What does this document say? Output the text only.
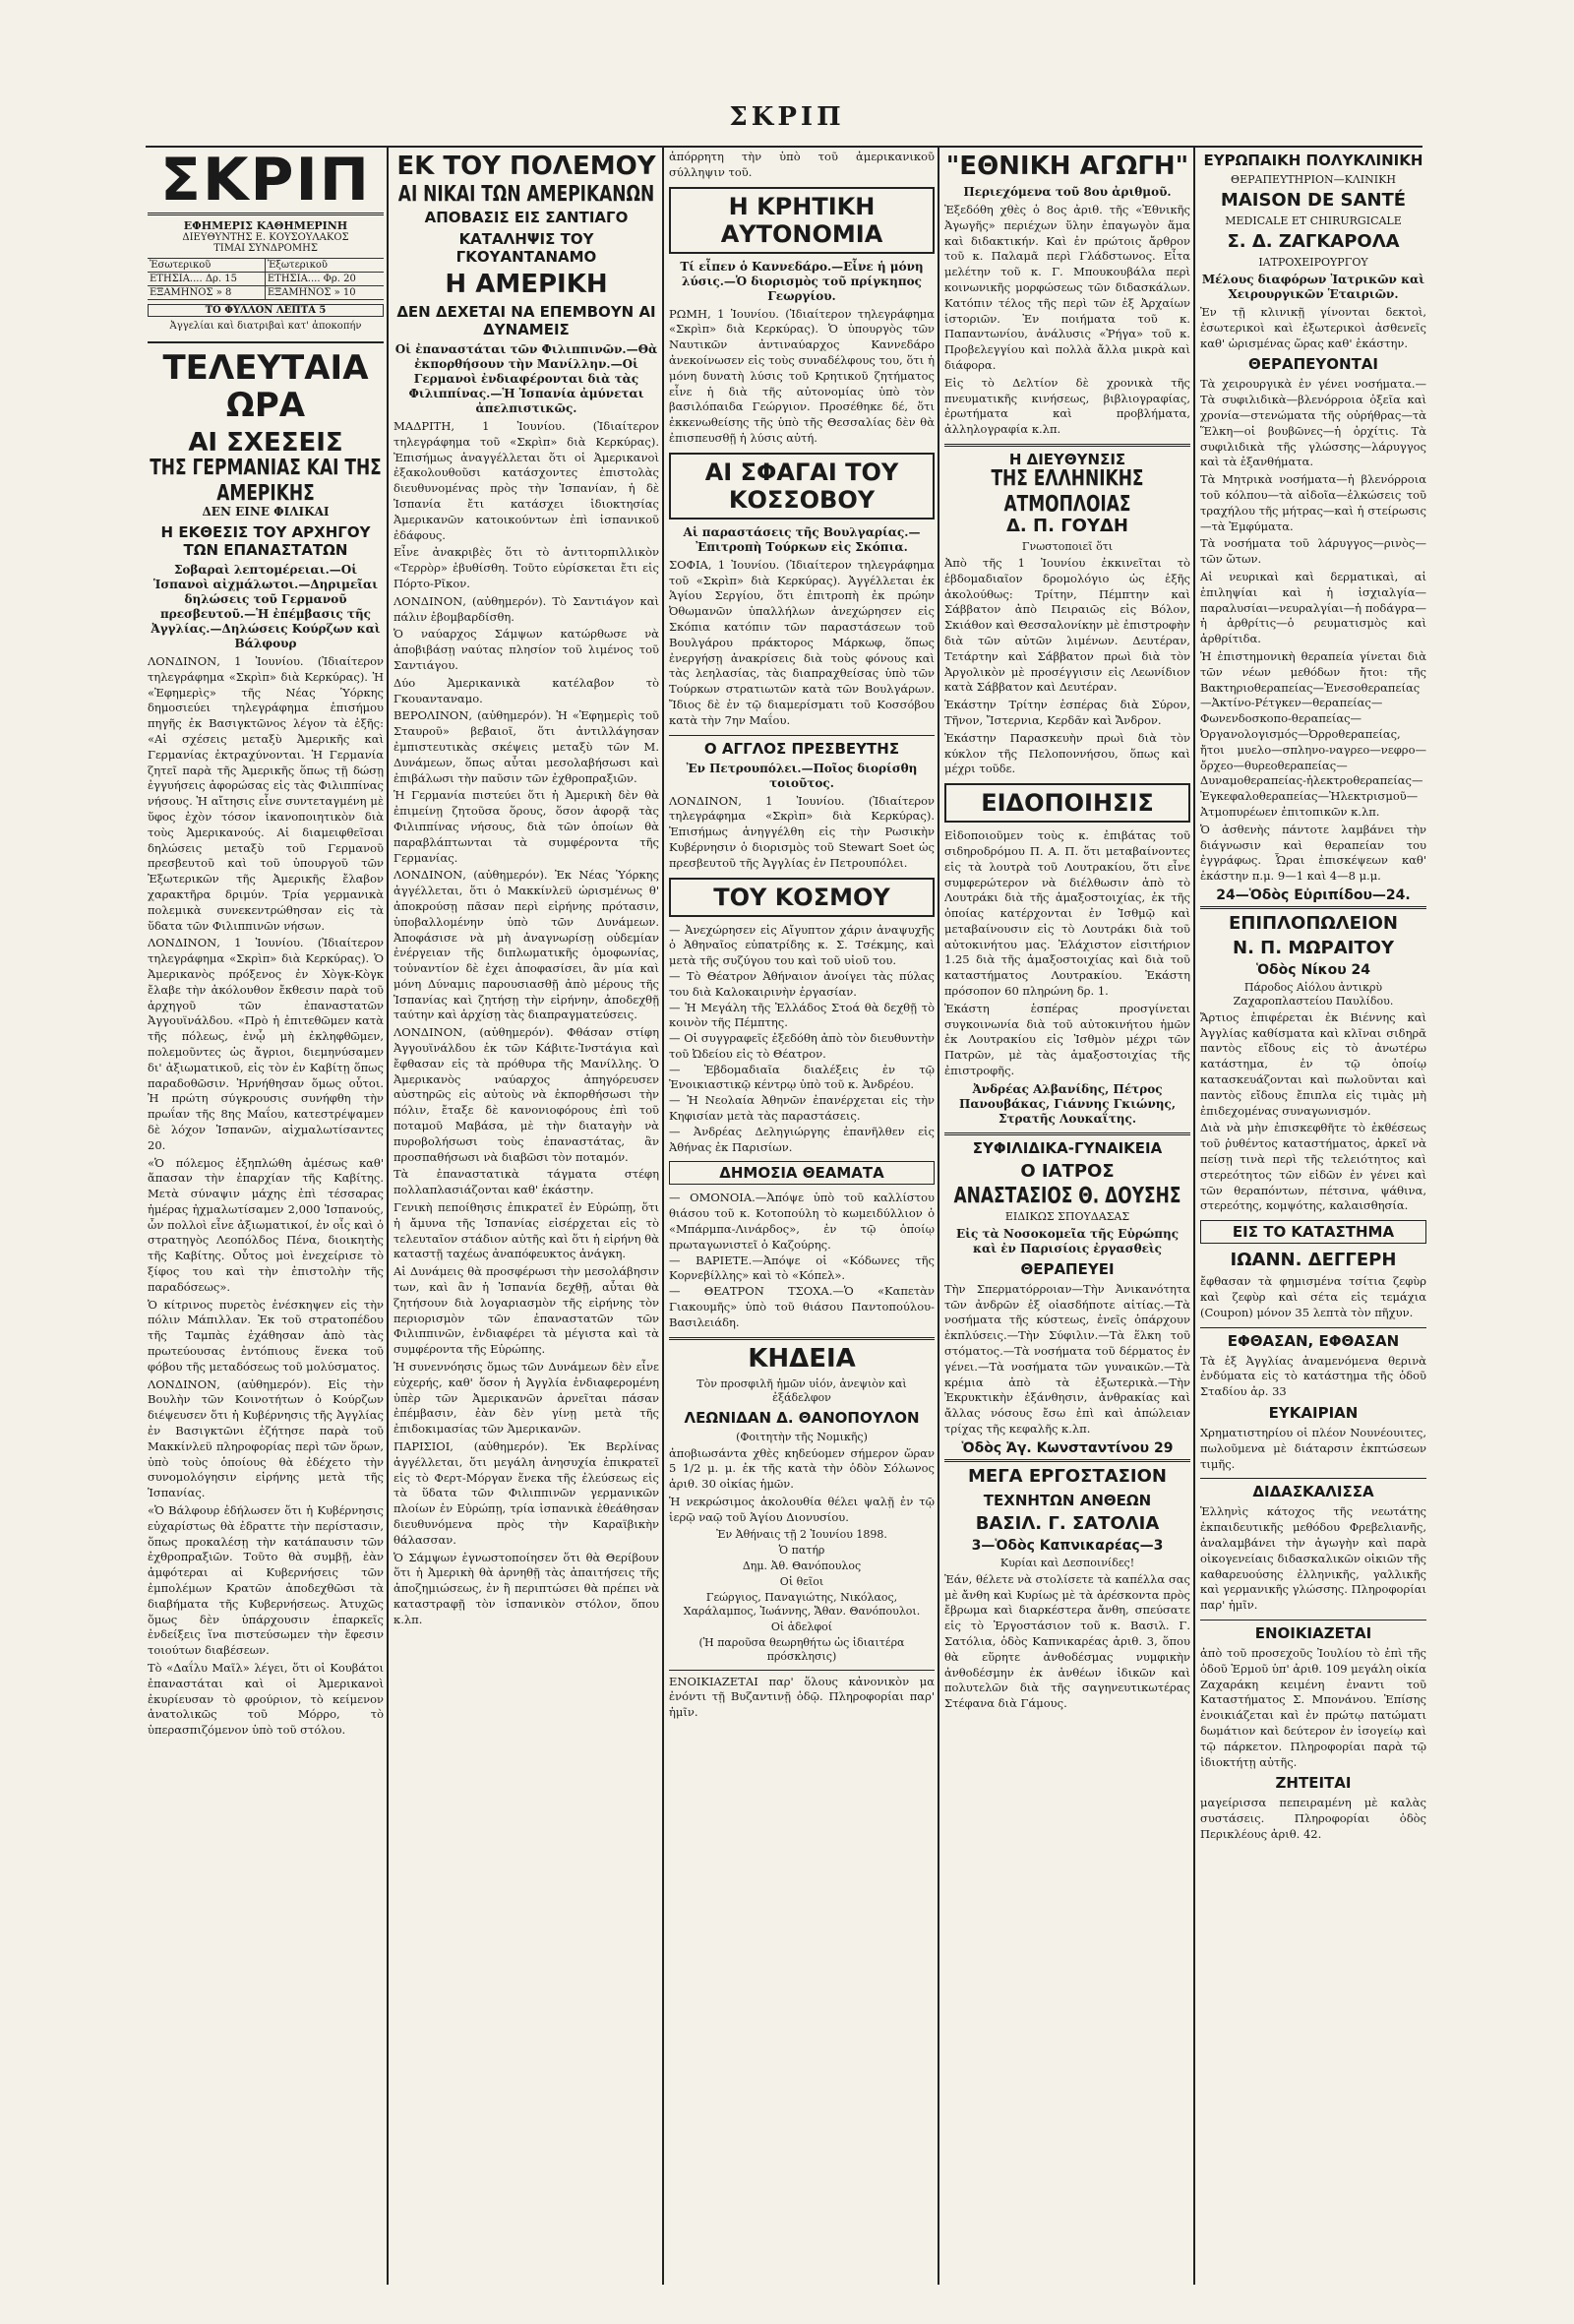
ΣΚΡΙΠ
ΣΚΡΙΠ
ΕΦΗΜΕΡΙΣ ΚΑΘΗΜΕΡΙΝΗ
ΔΙΕΥΘΥΝΤΗΣ Ε. ΚΟΥΣΟΥΛΑΚΟΣ
ΤΙΜΑΙ ΣΥΝΔΡΟΜΗΣ
Ἐσωτερικοῦ	Ἐξωτερικοῦ
ΕΤΗΣΙΑ.... Δρ. 15	ΕΤΗΣΙΑ.... Φρ. 20
ΕΞΑΜΗΝΟΣ » 8	ΕΞΑΜΗΝΟΣ » 10
ΤΟ ΦΥΛΛΟΝ ΛΕΠΤΑ 5
Ἀγγελίαι καὶ διατριβαὶ κατ' ἀποκοπήν
ΤΕΛΕΥΤΑΙΑ ΩΡΑ
ΑΙ ΣΧΕΣΕΙΣ
ΤΗΣ ΓΕΡΜΑΝΙΑΣ ΚΑΙ ΤΗΣ ΑΜΕΡΙΚΗΣ
ΔΕΝ ΕΙΝΕ ΦΙΛΙΚΑΙ
Η ΕΚΘΕΣΙΣ ΤΟΥ ΑΡΧΗΓΟΥ ΤΩΝ ΕΠΑΝΑΣΤΑΤΩΝ
Σοβαραὶ λεπτομέρειαι.—Οἱ Ἱσπανοὶ αἰχμάλωτοι.—Δηριμεῖαι δηλώσεις τοῦ Γερμανοῦ πρεσβευτοῦ.—Ἡ ἐπέμβασις τῆς Ἀγγλίας.—Δηλώσεις Κούρζων καὶ Βάλφουρ

ΛΟΝΔΙΝΟΝ, 1 Ἰουνίου. (Ἰδιαίτερον τηλεγράφημα «Σκρὶπ» διὰ Κερκύρας). Ἡ «Ἐφημερὶς» τῆς Νέας Ὑόρκης δημοσιεύει τηλεγράφημα ἐπισήμου πηγῆς ἐκ Βασιγκτῶνος λέγον τὰ ἑξῆς: «Αἱ σχέσεις μεταξὺ Ἀμερικῆς καὶ Γερμανίας ἐκτραχύνονται. Ἡ Γερμανία ζητεῖ παρὰ τῆς Ἀμερικῆς ὅπως τῇ δώσῃ ἐγγυήσεις ἀφορώσας εἰς τὰς Φιλιππίνας νήσους. Ἡ αἴτησις εἶνε συντεταγμένη μὲ ὕφος ἐχὸν τόσον ἱκανοποιητικὸν διὰ τοὺς Ἀμερικανούς. Αἱ διαμειφθεῖσαι δηλώσεις μεταξὺ τοῦ Γερμανοῦ πρεσβευτοῦ καὶ τοῦ ὑπουργοῦ τῶν Ἐξωτερικῶν τῆς Ἀμερικῆς ἔλαβον χαρακτῆρα δριμύν. Τρία γερμανικὰ πολεμικὰ συνεκεντρώθησαν εἰς τὰ ὕδατα τῶν Φιλιππινῶν νήσων.

ΛΟΝΔΙΝΟΝ, 1 Ἰουνίου. (Ἰδιαίτερον τηλεγράφημα «Σκρὶπ» διὰ Κερκύρας). Ὁ Ἀμερικανὸς πρόξενος ἐν Χὸγκ-Κὸγκ ἔλαβε τὴν ἀκόλουθον ἔκθεσιν παρὰ τοῦ ἀρχηγοῦ τῶν ἐπαναστατῶν Ἀγγουϊνάλδου. «Πρὸ ἡ ἐπιτεθῶμεν κατὰ τῆς πόλεως, ἐνᾧ μὴ ἐκληφθῶμεν, πολεμοῦντες ὡς ἄγριοι, διεμηνύσαμεν δι' ἀξιωματικοῦ, εἰς τὸν ἐν Καβίτῃ ὅπως παραδοθῶσιν. Ἠρνήθησαν ὅμως οὗτοι. Ἡ πρώτη σύγκρουσις συνήφθη τὴν πρωΐαν τῆς 8ης Μαΐου, κατεστρέψαμεν δὲ λόχον Ἱσπανῶν, αἰχμαλωτίσαντες 20.

«Ὁ πόλεμος ἐξηπλώθη ἀμέσως καθ' ἅπασαν τὴν ἐπαρχίαν τῆς Καβίτης. Μετὰ σύναψιν μάχης ἐπὶ τέσσαρας ἡμέρας ἠχμαλωτίσαμεν 2,000 Ἱσπανούς, ὧν πολλοὶ εἶνε ἀξιωματικοί, ἐν οἷς καὶ ὁ στρατηγὸς Λεοπόλδος Πένα, διοικητὴς τῆς Καβίτης. Οὗτος μοὶ ἐνεχείρισε τὸ ξίφος του καὶ τὴν ἐπιστολὴν τῆς παραδόσεως».

Ὁ κίτρινος πυρετὸς ἐνέσκηψεν εἰς τὴν πόλιν Μάπιλλαν. Ἐκ τοῦ στρατοπέδου τῆς Ταμπὰς ἐχάθησαν ἀπὸ τὰς πρωτεύουσας ἐντόπιους ἕνεκα τοῦ φόβου τῆς μεταδόσεως τοῦ μολύσματος.

ΛΟΝΔΙΝΟΝ, (αὐθημερόν). Εἰς τὴν Βουλὴν τῶν Κοινοτήτων ὁ Κούρζων διέψευσεν ὅτι ἡ Κυβέρνησις τῆς Ἀγγλίας ἐν Βασιγκτῶνι ἐζήτησε παρὰ τοῦ Μακκίνλεϋ πληροφορίας περὶ τῶν ὅρων, ὑπὸ τοὺς ὁποίους θὰ ἐδέχετο τὴν συνομολόγησιν εἰρήνης μετὰ τῆς Ἱσπανίας.

«Ὁ Βάλφουρ ἐδήλωσεν ὅτι ἡ Κυβέρνησις εὐχαρίστως θὰ ἐδραττε τὴν περίστασιν, ὅπως προκαλέσῃ τὴν κατάπαυσιν τῶν ἐχθροπραξιῶν. Τοῦτο θὰ συμβῇ, ἐὰν ἀμφότεραι αἱ Κυβερνήσεις τῶν ἐμπολέμων Κρατῶν ἀποδεχθῶσι τὰ διαβήματα τῆς Κυβερνήσεως. Ἀτυχῶς ὅμως δὲν ὑπάρχουσιν ἐπαρκεῖς ἐνδείξεις ἵνα πιστεύσωμεν τὴν ἔφεσιν τοιούτων διαβέσεων.

Τὸ «Δαΐλυ Μαῖλ» λέγει, ὅτι οἱ Κουβάτοι ἐπαναστάται καὶ οἱ Ἀμερικανοὶ ἐκυρίευσαν τὸ φρούριον, τὸ κείμενον ἀνατολικῶς τοῦ Μόρρο, τὸ ὑπερασπιζόμενον ὑπὸ τοῦ στόλου.

ΕΚ ΤΟΥ ΠΟΛΕΜΟΥ
ΑΙ ΝΙΚΑΙ ΤΩΝ ΑΜΕΡΙΚΑΝΩΝ
ΑΠΟΒΑΣΙΣ ΕΙΣ ΣΑΝΤΙΑΓΟ
ΚΑΤΑΛΗΨΙΣ ΤΟΥ ΓΚΟΥΑΝΤΑΝΑΜΟ
Η ΑΜΕΡΙΚΗ
ΔΕΝ ΔΕΧΕΤΑΙ ΝΑ ΕΠΕΜΒΟΥΝ ΑΙ ΔΥΝΑΜΕΙΣ
Οἱ ἐπαναστάται τῶν Φιλιππινῶν.—Θὰ ἐκπορθήσουν τὴν Μανίλλην.—Οἱ Γερμανοὶ ἐνδιαφέρονται διὰ τὰς Φιλιππίνας.—Ἡ Ἱσπανία ἀμύνεται ἀπελπιστικῶς.

ΜΑΔΡΙΤΗ, 1 Ἰουνίου. (Ἰδιαίτερον τηλεγράφημα τοῦ «Σκρὶπ» διὰ Κερκύρας). Ἐπισήμως ἀναγγέλλεται ὅτι οἱ Ἀμερικανοὶ ἐξακολουθοῦσι κατάσχοντες ἐπιστολὰς διευθυνομένας πρὸς τὴν Ἱσπανίαν, ἡ δὲ Ἱσπανία ἔτι κατάσχει ἰδιοκτησίας Ἀμερικανῶν κατοικούντων ἐπὶ ἱσπανικοῦ ἐδάφους.

Εἶνε ἀνακριβὲς ὅτι τὸ ἀντιτορπιλλικὸν «Τερρὸρ» ἐβυθίσθη. Τοῦτο εὑρίσκεται ἔτι εἰς Πόρτο-Ρῖκον.

ΛΟΝΔΙΝΟΝ, (αὐθημερόν). Τὸ Σαντιάγον καὶ πάλιν ἐβομβαρδίσθη.

Ὁ ναύαρχος Σάμψων κατώρθωσε νὰ ἀποβιβάσῃ ναύτας πλησίον τοῦ λιμένος τοῦ Σαντιάγου.

Δύο Ἀμερικανικὰ κατέλαβον τὸ Γκουανταναμο.

ΒΕΡΟΛΙΝΟΝ, (αὐθημερόν). Ἡ «Ἐφημερὶς τοῦ Σταυροῦ» βεβαιοῖ, ὅτι ἀντιλλάγησαν ἐμπιστευτικὰς σκέψεις μεταξὺ τῶν Μ. Δυνάμεων, ὅπως αὗται μεσολαβήσωσι καὶ ἐπιβάλωσι τὴν παῦσιν τῶν ἐχθροπραξιῶν.

Ἡ Γερμανία πιστεύει ὅτι ἡ Ἀμερικὴ δὲν θὰ ἐπιμείνῃ ζητοῦσα ὅρους, ὅσον ἀφορᾷ τὰς Φιλιππίνας νήσους, διὰ τῶν ὁποίων θὰ παραβλάπτωνται τὰ συμφέροντα τῆς Γερμανίας.

ΛΟΝΔΙΝΟΝ, (αὐθημερόν). Ἐκ Νέας Ὑόρκης ἀγγέλλεται, ὅτι ὁ Μακκίνλεϋ ὡρισμένως θ' ἀποκρούσῃ πᾶσαν περὶ εἰρήνης πρότασιν, ὑποβαλλομένην ὑπὸ τῶν Δυνάμεων. Ἀποφάσισε νὰ μὴ ἀναγνωρίσῃ οὐδεμίαν ἐνέργειαν τῆς διπλωματικῆς ὁμοφωνίας, τοὐναντίον δὲ ἐχει ἀποφασίσει, ἂν μία καὶ μόνη Δύναμις παρουσιασθῇ ἀπὸ μέρους τῆς Ἱσπανίας καὶ ζητήσῃ τὴν εἰρήνην, ἀποδεχθῇ ταύτην καὶ ἀρχίσῃ τὰς διαπραγματεύσεις.

ΛΟΝΔΙΝΟΝ, (αὐθημερόν). Φθάσαν στίφη Ἀγγουϊνάλδου ἐκ τῶν Κάβιτε-Ἰνστάγια καὶ ἔφθασαν εἰς τὰ πρόθυρα τῆς Μανίλλης. Ὁ Ἀμερικανὸς ναύαρχος ἀπηγόρευσεν αὐστηρῶς εἰς αὐτοὺς νὰ ἐκπορθήσωσι τὴν πόλιν, ἔταξε δὲ κανονιοφόρους ἐπὶ τοῦ ποταμοῦ Μαβάσα, μὲ τὴν διαταγὴν νὰ πυροβολήσωσι τοὺς ἐπαναστάτας, ἂν προσπαθήσωσι νὰ διαβῶσι τὸν ποταμόν.

Τὰ ἐπαναστατικὰ τάγματα στέφη πολλαπλασιάζονται καθ' ἑκάστην.

Γενικὴ πεποίθησις ἐπικρατεῖ ἐν Εὐρώπῃ, ὅτι ἡ ἄμυνα τῆς Ἱσπανίας εἰσέρχεται εἰς τὸ τελευταῖον στάδιον αὐτῆς καὶ ὅτι ἡ εἰρήνη θὰ καταστῇ ταχέως ἀναπόφευκτος ἀνάγκη.

Αἱ Δυνάμεις θὰ προσφέρωσι τὴν μεσολάβησιν των, καὶ ἂν ἡ Ἱσπανία δεχθῇ, αὗται θὰ ζητήσουν διὰ λογαριασμὸν τῆς εἰρήνης τὸν περιορισμὸν τῶν ἐπαναστατῶν τῶν Φιλιππινῶν, ἐνδιαφέρει τὰ μέγιστα καὶ τὰ συμφέροντα τῆς Εὐρώπης.

Ἡ συνεννόησις ὅμως τῶν Δυνάμεων δὲν εἶνε εὐχερής, καθ' ὅσον ἡ Ἀγγλία ἐνδιαφερομένη ὑπὲρ τῶν Ἀμερικανῶν ἀρνεῖται πάσαν ἐπέμβασιν, ἐὰν δὲν γίνῃ μετὰ τῆς ἐπιδοκιμασίας τῶν Ἀμερικανῶν.

ΠΑΡΙΣΙΟΙ, (αὐθημερόν). Ἐκ Βερλίνας ἀγγέλλεται, ὅτι μεγάλη ἀνησυχία ἐπικρατεῖ εἰς τὸ Φερτ-Μόργαν ἕνεκα τῆς ἐλεύσεως εἰς τὰ ὕδατα τῶν Φιλιππινῶν γερμανικῶν πλοίων ἐν Εὐρώπῃ, τρία ἰσπανικὰ ἐθεάθησαν διευθυνόμενα πρὸς τὴν Καραϊβικὴν θάλασσαν.

Ὁ Σάμψων ἐγνωστοποίησεν ὅτι θὰ Θερίβουν ὅτι ἡ Ἀμερικὴ θὰ ἀρνηθῇ τὰς ἀπαιτήσεις τῆς ἀποζημιώσεως, ἐν ἢ περιπτώσει θὰ πρέπει νὰ καταστραφῇ τὸν ἱσπανικὸν στόλον, ὅπου κ.λπ.

ἀπόρρητη τὴν ὑπὸ τοῦ ἀμερικανικοῦ σύλληψιν τοῦ.

Η ΚΡΗΤΙΚΗ ΑΥΤΟΝΟΜΙΑ
Τί εἶπεν ὁ Καννεδάρο.—Εἶνε ἡ μόνη λύσις.—Ὁ διορισμὸς τοῦ πρίγκηπος Γεωργίου.

ΡΩΜΗ, 1 Ἰουνίου. (Ἰδιαίτερον τηλεγράφημα «Σκρὶπ» διὰ Κερκύρας). Ὁ ὑπουργὸς τῶν Ναυτικῶν ἀντιναύαρχος Καννεδάρο ἀνεκοίνωσεν εἰς τοὺς συναδέλφους του, ὅτι ἡ μόνη δυνατὴ λύσις τοῦ Κρητικοῦ ζητήματος εἶνε ἡ διὰ τῆς αὐτονομίας ὑπὸ τὸν βασιλόπαιδα Γεώργιον. Προσέθηκε δέ, ὅτι ἐκκενωθείσης τῆς ὑπὸ τῆς Θεσσαλίας δὲν θὰ ἐπισπευσθῇ ἡ λύσις αὐτή.

ΑΙ ΣΦΑΓΑΙ ΤΟΥ ΚΟΣΣΟΒΟΥ
Αἱ παραστάσεις τῆς Βουλγαρίας.—Ἐπιτροπὴ Τούρκων εἰς Σκόπια.

ΣΟΦΙΑ, 1 Ἰουνίου. (Ἰδιαίτερον τηλεγράφημα τοῦ «Σκρὶπ» διὰ Κερκύρας). Ἀγγέλλεται ἐκ Ἁγίου Σεργίου, ὅτι ἐπιτροπὴ ἐκ πρώην Ὀθωμανῶν ὑπαλλήλων ἀνεχώρησεν εἰς Σκόπια κατόπιν τῶν παραστάσεων τοῦ Βουλγάρου πράκτορος Μάρκωφ, ὅπως ἐνεργήσῃ ἀνακρίσεις διὰ τοὺς φόνους καὶ τὰς λεηλασίας, τὰς διαπραχθείσας ὑπὸ τῶν Τούρκων στρατιωτῶν κατὰ τῶν Βουλγάρων. Ἴδιος δὲ ἐν τῷ διαμερίσματι τοῦ Κοσσόβου κατὰ τὴν 7ην Μαΐου.

Ο ΑΓΓΛΟΣ ΠΡΕΣΒΕΥΤΗΣ
Ἐν Πετρουπόλει.—Ποῖος διορίσθη τοιοῦτος.

ΛΟΝΔΙΝΟΝ, 1 Ἰουνίου. (Ἰδιαίτερον τηλεγράφημα «Σκρὶπ» διὰ Κερκύρας). Ἐπισήμως ἀνηγγέλθη εἰς τὴν Ρωσικὴν Κυβέρνησιν ὁ διορισμὸς τοῦ Stewart Soet ὡς πρεσβευτοῦ τῆς Ἀγγλίας ἐν Πετρουπόλει.

ΤΟΥ ΚΟΣΜΟΥ

— Ἀνεχώρησεν εἰς Αἴγυπτον χάριν ἀναψυχῆς ὁ Ἀθηναῖος εὐπατρίδης κ. Σ. Τσέκμης, καὶ μετὰ τῆς συζύγου του καὶ τοῦ υἱοῦ του.
— Τὸ Θέατρον Ἀθήναιον ἀνοίγει τὰς πύλας του διὰ Καλοκαιρινὴν ἐργασίαν.
— Ἡ Μεγάλη τῆς Ἑλλάδος Στοά θὰ δεχθῇ τὸ κοινὸν τῆς Πέμπτης.
— Οἱ συγγραφεῖς ἐξεδόθη ἀπὸ τὸν διευθυντὴν τοῦ Ὠδείου εἰς τὸ Θέατρον.
— Ἐβδομαδιαῖα διαλέξεις ἐν τῷ Ἐνοικιαστικῷ κέντρῳ ὑπὸ τοῦ κ. Ἀνδρέου.
— Ἡ Νεολαία Ἀθηνῶν ἐπανέρχεται εἰς τὴν Κηφισίαν μετὰ τὰς παραστάσεις.
— Ἀνδρέας Δεληγιώργης ἐπανῆλθεν εἰς Ἀθήνας ἐκ Παρισίων.

ΔΗΜΟΣΙΑ ΘΕΑΜΑΤΑ

— ΟΜΟΝΟΙΑ.—Ἀπόψε ὑπὸ τοῦ καλλίστου θιάσου τοῦ κ. Κοτοπούλη τὸ κωμειδύλλιον ὁ «Μπάρμπα-Λινάρδος», ἐν τῷ ὁποίῳ πρωταγωνιστεῖ ὁ Καζούρης.
— ΒΑΡΙΕΤΕ.—Ἀπόψε οἱ «Κόδωνες τῆς Κορνεβίλλης» καὶ τὸ «Κόπελ».
— ΘΕΑΤΡΟΝ ΤΣΟΧΑ.—Ὁ «Καπετὰν Γιακουμῆς» ὑπὸ τοῦ θιάσου Παντοπούλου-Βασιλειάδη.

ΚΗΔΕΙΑ

Τὸν προσφιλῆ ἡμῶν υἱόν, ἀνεψιὸν καὶ ἐξάδελφον

ΛΕΩΝΙΔΑΝ Δ. ΘΑΝΟΠΟΥΛΟΝ

(Φοιτητὴν τῆς Νομικῆς)

ἀποβιωσάντα χθὲς κηδεύομεν σήμερον ὥραν 5 1/2 μ. μ. ἐκ τῆς κατὰ τὴν ὁδὸν Σόλωνος ἀριθ. 30 οἰκίας ἡμῶν.

Ἡ νεκρώσιμος ἀκολουθία θέλει ψαλῇ ἐν τῷ ἱερῷ ναῷ τοῦ Ἁγίου Διονυσίου.

Ἐν Ἀθήναις τῇ 2 Ἰουνίου 1898.

Ὁ πατήρ

Δημ. Ἀθ. Θανόπουλος

Οἱ θεῖοι

Γεώργιος, Παναγιώτης, Νικόλαος, Χαράλαμπος, Ἰωάννης, Ἄθαν. Θανόπουλοι.

Οἱ ἀδελφοί

(Ἡ παροῦσα θεωρηθήτω ὡς ἰδιαιτέρα πρόσκλησις)

ΕΝΟΙΚΙΑΖΕΤΑΙ παρ' ὅλους κἀνονικὸν μα ἐνόντι τῇ Βυζαντινῇ ὁδῷ. Πληροφορίαι παρ' ἡμῖν.

"ΕΘΝΙΚΗ ΑΓΩΓΗ"
Περιεχόμενα τοῦ 8ου ἀριθμοῦ.

Ἐξεδόθη χθὲς ὁ 8ος ἀριθ. τῆς «Ἐθνικῆς Ἀγωγῆς» περιέχων ὕλην ἐπαγωγὸν ἅμα καὶ διδακτικήν. Καὶ ἐν πρώτοις ἄρθρον τοῦ κ. Παλαμᾶ περὶ Γλάδστωνος. Εἶτα μελέτην τοῦ κ. Γ. Μπουκουβάλα περὶ κοινωνικῆς μορφώσεως τῶν διδασκάλων. Κατόπιν τέλος τῆς περὶ τῶν ἐξ Ἀρχαίων ἱστοριῶν. Ἐν ποιήματα τοῦ κ. Παπαντωνίου, ἀνάλυσις «Ῥήγα» τοῦ κ. Προβελεγγίου καὶ πολλὰ ἄλλα μικρὰ καὶ διάφορα.

Εἰς τὸ Δελτίον δὲ χρονικὰ τῆς πνευματικῆς κινήσεως, βιβλιογραφίας, ἐρωτήματα καὶ προβλήματα, ἀλληλογραφία κ.λπ.

Η ΔΙΕΥΘΥΝΣΙΣ
ΤΗΣ ΕΛΛΗΝΙΚΗΣ ΑΤΜΟΠΛΟΙΑΣ
Δ. Π. ΓΟΥΔΗ
Γνωστοποιεῖ ὅτι

Ἀπὸ τῆς 1 Ἰουνίου ἐκκινεῖται τὸ ἑβδομαδιαῖον δρομολόγιο ὡς ἑξῆς ἀκολούθως: Τρίτην, Πέμπτην καὶ Σάββατον ἀπὸ Πειραιῶς εἰς Βόλον, Σκιάθον καὶ Θεσσαλονίκην μὲ ἐπιστροφὴν διὰ τῶν αὐτῶν λιμένων. Δευτέραν, Τετάρτην καὶ Σάββατον πρωὶ διὰ τὸν Ἀργολικὸν μὲ προσέγγισιν εἰς Λεωνίδιον κατὰ Σάββατον καὶ Δευτέραν.

Ἑκάστην Τρίτην ἑσπέρας διὰ Σύρον, Τῆνον, Ἴστερνια, Κερδᾶν καὶ Ἄνδρον.

Ἑκάστην Παρασκευὴν πρωὶ διὰ τὸν κύκλον τῆς Πελοποννήσου, ὅπως καὶ μέχρι τοῦδε.

ΕΙΔΟΠΟΙΗΣΙΣ

Εἰδοποιοῦμεν τοὺς κ. ἐπιβάτας τοῦ σιδηροδρόμου Π. Α. Π. ὅτι μεταβαίνοντες εἰς τὰ λουτρὰ τοῦ Λουτρακίου, ὅτι εἶνε συμφερώτερον νὰ διέλθωσιν ἀπὸ τὸ Λουτράκι διὰ τῆς ἁμαξοστοιχίας, ἐκ τῆς ὁποίας κατέρχονται ἐν Ἰσθμῷ καὶ μεταβαίνουσιν εἰς τὸ Λουτράκι διὰ τοῦ αὐτοκινήτου μας. Ἐλάχιστον εἰσιτήριον 1.25 διὰ τῆς ἁμαξοστοιχίας καὶ διὰ τοῦ καταστήματος Λουτρακίου. Ἐκάστη πρόσοπον 60 πληρώνη δρ. 1.

Ἑκάστη ἑσπέρας προσγίνεται συγκοινωνία διὰ τοῦ αὐτοκινήτου ἡμῶν ἐκ Λουτρακίου εἰς Ἰσθμὸν μέχρι τῶν Πατρῶν, μὲ τὰς ἁμαξοστοιχίας τῆς ἐπιστροφῆς.

Ἀνδρέας Αλβανίδης, Πέτρος Πανουβάκας, Γιάννης Γκιώνης, Στρατῆς Λουκαΐτης.

ΣΥΦΙΛΙΔΙΚΑ-ΓΥΝΑΙΚΕΙΑ
Ο ΙΑΤΡΟΣ
ΑΝΑΣΤΑΣΙΟΣ Θ. ΔΟΥΣΗΣ
ΕΙΔΙΚΩΣ ΣΠΟΥΔΑΣΑΣ
Εἰς τὰ Νοσοκομεῖα τῆς Εὐρώπης καὶ ἐν Παρισίοις ἐργασθεὶς
ΘΕΡΑΠΕΥΕΙ

Τὴν Σπερματόρροιαν—Τὴν Ἀνικανότητα τῶν ἀνδρῶν ἐξ οἱασδήποτε αἰτίας.—Τὰ νοσήματα τῆς κύστεως, ἐνεῖς ὁπάρχουν ἐκπλύσεις.—Τὴν Σύφιλιν.—Τὰ ἕλκη τοῦ στόματος.—Τὰ νοσήματα τοῦ δέρματος ἐν γένει.—Τὰ νοσήματα τῶν γυναικῶν.—Τὰ κρέμια ἀπὸ τὰ ἐξωτερικὰ.—Τὴν Ἐκρυκτικὴν ἐξάνθησιν, ἀνθρακίας καὶ ἄλλας νόσους ἔσω ἐπὶ καὶ ἀπώλειαν τρίχας τῆς κεφαλῆς κ.λπ.

Ὁδὸς Ἁγ. Κωνσταντίνου 29
ΜΕΓΑ ΕΡΓΟΣΤΑΣΙΟΝ
ΤΕΧΝΗΤΩΝ ΑΝΘΕΩΝ
ΒΑΣΙΛ. Γ. ΣΑΤΟΛΙΑ
3—Ὁδὸς Καπνικαρέας—3
Κυρίαι καὶ Δεσποινίδες!

Ἐάν, θέλετε νὰ στολίσετε τὰ καπέλλα σας μὲ ἄνθη καὶ Κυρίως μὲ τὰ ἀρέσκοντα πρὸς ἔβρωμα καὶ διαρκέστερα ἄνθη, σπεύσατε εἰς τὸ Ἐργοστάσιον τοῦ κ. Βασιλ. Γ. Σατόλια, ὁδὸς Καπνικαρέας ἀριθ. 3, ὅπου θὰ εὕρητε ἀνθοδέσμας νυμφικὴν ἀνθοδέσμην ἐκ ἀνθέων ἰδικῶν καὶ πολυτελῶν διὰ τῆς σαγηνευτικωτέρας Στέφανα διὰ Γάμους.

ΕΥΡΩΠΑΙΚΗ ΠΟΛΥΚΛΙΝΙΚΗ
ΘΕΡΑΠΕΥΤΗΡΙΟΝ—ΚΛΙΝΙΚΗ
MAISON DE SANTÉ
MEDICALE ET CHIRURGICALE
Σ. Δ. ΖΑΓΚΑΡΟΛΑ
ΙΑΤΡΟΧΕΙΡΟΥΡΓΟΥ
Μέλους διαφόρων Ἰατρικῶν καὶ Χειρουργικῶν Ἑταιριῶν.

Ἐν τῇ κλινικῇ γίνονται δεκτοὶ, ἐσωτερικοὶ καὶ ἐξωτερικοὶ ἀσθενεῖς καθ' ὡρισμένας ὥρας καθ' ἑκάστην.

ΘΕΡΑΠΕΥΟΝΤΑΙ

Τὰ χειρουργικὰ ἐν γένει νοσήματα.—Τὰ συφιλιδικὰ—βλενόρροια ὀξεῖα καὶ χρονία—στενώματα τῆς οὐρήθρας—τὰ Ἕλκη—οἱ βουβῶνες—ἡ ὀρχίτις. Τὰ συφιλιδικὰ τῆς γλώσσης—λάρυγγος καὶ τὰ ἐξανθήματα.

Τὰ Μητρικὰ νοσήματα—ἡ βλενόρροια τοῦ κόλπου—τὰ αἰδοῖα—ἐλκώσεις τοῦ τραχήλου τῆς μήτρας—καὶ ἡ στείρωσις—τὰ Ἐμφύματα.

Τὰ νοσήματα τοῦ λάρυγγος—ρινὸς—τῶν ὤτων.

Αἱ νευρικαὶ καὶ δερματικαὶ, αἱ ἐπιληψίαι καὶ ἡ ἰσχιαλγία—παραλυσίαι—νευραλγίαι—ἡ ποδάγρα—ἡ ἀρθρίτις—ὁ ρευματισμὸς καὶ ἀρθρίτιδα.

Ἡ ἐπιστημονικὴ θεραπεία γίνεται διὰ τῶν νέων μεθόδων ἤτοι: τῆς Βακτηριοθεραπείας—Ἐνεσοθεραπείας—Ἀκτίνο-Ρέτγκεν—θεραπείας—Φωνενδοσκοπο-θεραπείας—Ὀργανολογισμός—Ὀρροθεραπείας, ἤτοι μυελο—σπληνο-ναγρεο—νεφρο—ὄρχεο—θυρεοθεραπείας—Δυναμοθεραπείας-ἠλεκτροθεραπείας—Ἐγκεφαλοθεραπείας—Ἠλεκτρισμοῦ—Ἀτμοπυρέωεν ἐπιτοπικῶν κ.λπ.

Ὁ ἀσθενὴς πάντοτε λαμβάνει τὴν διάγνωσιν καὶ θεραπείαν του ἐγγράφως. Ὧραι ἐπισκέψεων καθ' ἑκάστην π.μ. 9—1 καὶ 4—8 μ.μ.

24—Ὁδὸς Εὐριπίδου—24.
ΕΠΙΠΛΟΠΩΛΕΙΟΝ
Ν. Π. ΜΩΡΑΙΤΟΥ
Ὁδὸς Νίκου 24

Πάροδος Αἰόλου ἀντικρὺ Ζαχαροπλαστείου Παυλίδου.

Ἄρτιος ἐπιφέρεται ἐκ Βιέννης καὶ Ἀγγλίας καθίσματα καὶ κλῖναι σιδηρᾶ παντὸς εἴδους εἰς τὸ ἀνωτέρω κατάστημα, ἐν τῷ ὁποίῳ κατασκευάζονται καὶ πωλοῦνται καὶ παντὸς εἴδους ἔπιπλα εἰς τιμὰς μὴ ἐπιδεχομένας συναγωνισμόν.

Διὰ νὰ μὴν ἐπισκεφθῆτε τὸ ἐκθέσεως τοῦ ῥυθέντος καταστήματος, ἀρκεῖ νὰ πείσῃ τινὰ περὶ τῆς τελειότητος καὶ στερεότητος τῶν εἰδῶν ἐν γένει καὶ τῶν θεραπόντων, πέτσινα, ψάθινα, στερεότης, κομψότης, καλαισθησία.

ΕΙΣ ΤΟ ΚΑΤΑΣΤΗΜΑ
ΙΩΑΝΝ. ΔΕΓΓΕΡΗ

ἔφθασαν τὰ φημισμένα τσίτια ζεφὺρ καὶ ζεφὺρ καὶ σέτα εἰς τεμάχια (Coupon) μόνον 35 λεπτὰ τὸν πῆχυν.

ΕΦΘΑΣΑΝ, ΕΦΘΑΣΑΝ

Τὰ ἐξ Ἀγγλίας ἀναμενόμενα θερινὰ ἐνδύματα εἰς τὸ κατάστημα τῆς ὁδοῦ Σταδίου ἀρ. 33

ΕΥΚΑΙΡΙΑΝ

Χρηματιστηρίου οἱ πλέον Νουνέουιτες, πωλοῦμενα μὲ διάταρσιν ἐκπτώσεων τιμῆς.

ΔΙΔΑΣΚΑΛΙΣΣΑ

Ἑλληνὶς κάτοχος τῆς νεωτάτης ἐκπαιδευτικῆς μεθόδου Φρεβελιανῆς, ἀναλαμβάνει τὴν ἀγωγὴν καὶ παρὰ οἰκογενείαις διδασκαλικῶν οἰκιῶν τῆς καθαρευούσης ἑλληνικῆς, γαλλικῆς καὶ γερμανικῆς γλώσσης. Πληροφορίαι παρ' ἡμῖν.

ΕΝΟΙΚΙΑΖΕΤΑΙ

ἀπὸ τοῦ προσεχοῦς Ἰουλίου τὸ ἐπὶ τῆς ὁδοῦ Ἑρμοῦ ὑπ' ἀριθ. 109 μεγάλη οἰκία Ζαχαράκη κειμένη ἐναντι τοῦ Καταστήματος Σ. Μπονάνου. Ἐπίσης ἐνοικιάζεται καὶ ἐν πρώτῳ πατώματι δωμάτιον καὶ δεύτερον ἐν ἰσογείῳ καὶ τῷ πάρκετον. Πληροφορίαι παρὰ τῷ ἰδιοκτήτῃ αὐτῆς.

ΖΗΤΕΙΤΑΙ

μαγείρισσα πεπειραμένη μὲ καλὰς συστάσεις. Πληροφορίαι ὁδὸς Περικλέους ἀριθ. 42.
